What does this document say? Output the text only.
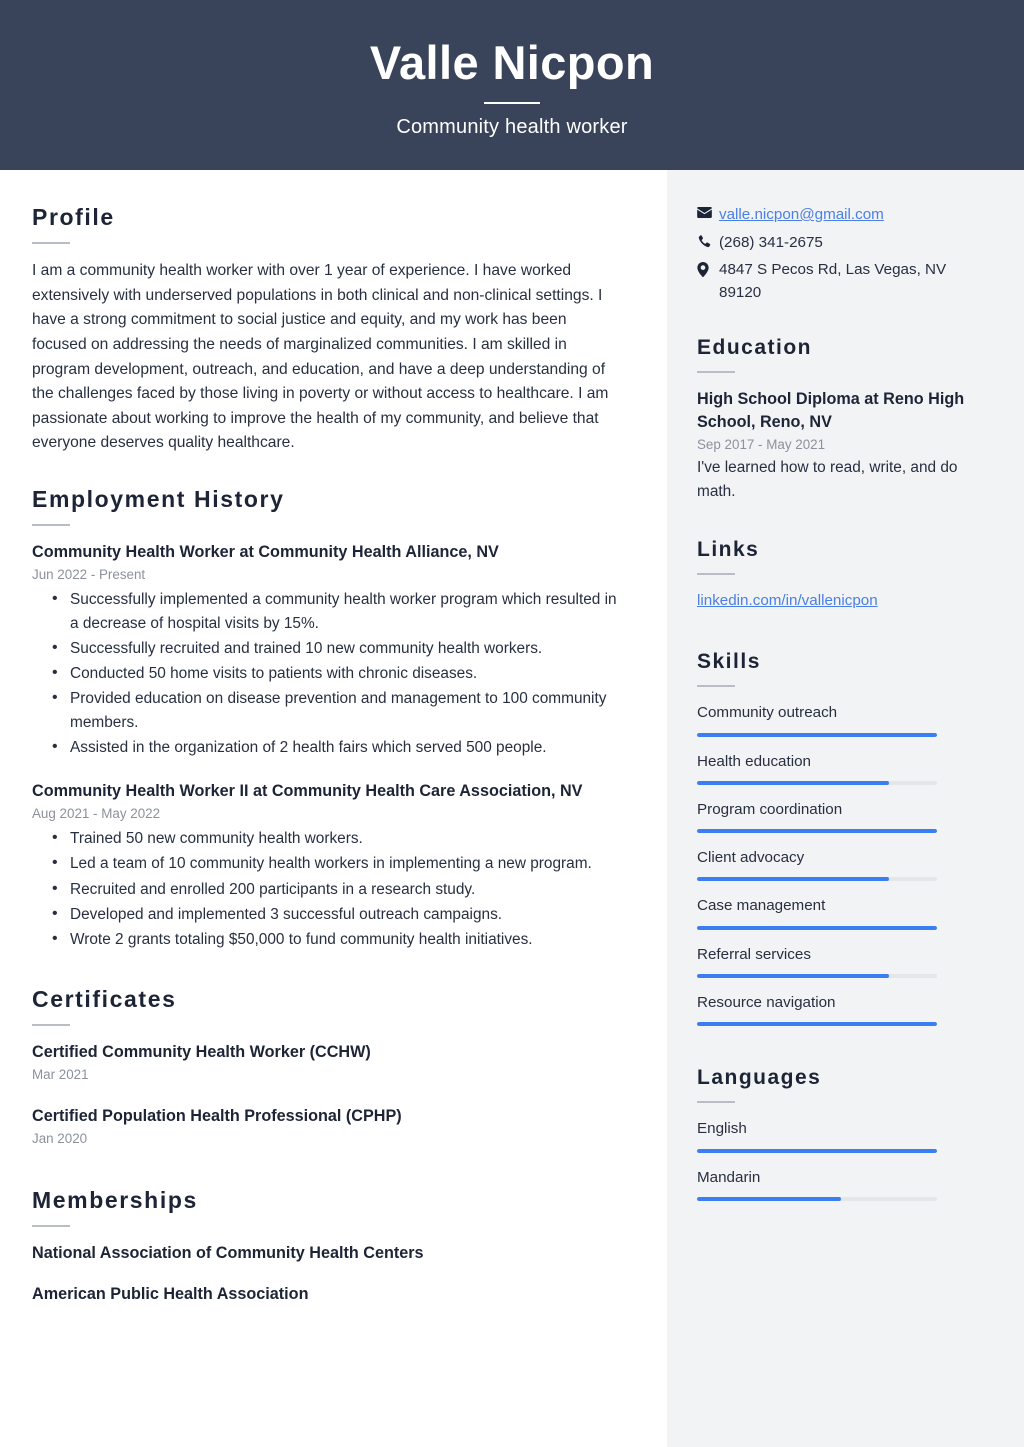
Valle Nicpon
Community health worker
Profile
I am a community health worker with over 1 year of experience. I have worked extensively with underserved populations in both clinical and non-clinical settings. I have a strong commitment to social justice and equity, and my work has been focused on addressing the needs of marginalized communities. I am skilled in program development, outreach, and education, and have a deep understanding of the challenges faced by those living in poverty or without access to healthcare. I am passionate about working to improve the health of my community, and believe that everyone deserves quality healthcare.
Employment History
Community Health Worker at Community Health Alliance, NV
Jun 2022 - Present
• Successfully implemented a community health worker program which resulted in a decrease of hospital visits by 15%.
• Successfully recruited and trained 10 new community health workers.
• Conducted 50 home visits to patients with chronic diseases.
• Provided education on disease prevention and management to 100 community members.
• Assisted in the organization of 2 health fairs which served 500 people.
Community Health Worker II at Community Health Care Association, NV
Aug 2021 - May 2022
• Trained 50 new community health workers.
• Led a team of 10 community health workers in implementing a new program.
• Recruited and enrolled 200 participants in a research study.
• Developed and implemented 3 successful outreach campaigns.
• Wrote 2 grants totaling $50,000 to fund community health initiatives.
Certificates
Certified Community Health Worker (CCHW)
Mar 2021
Certified Population Health Professional (CPHP)
Jan 2020
Memberships
National Association of Community Health Centers
American Public Health Association
valle.nicpon@gmail.com
(268) 341-2675
4847 S Pecos Rd, Las Vegas, NV 89120
Education
High School Diploma at Reno High School, Reno, NV
Sep 2017 - May 2021
I've learned how to read, write, and do math.
Links
linkedin.com/in/vallenicpon
Skills
Community outreach
Health education
Program coordination
Client advocacy
Case management
Referral services
Resource navigation
Languages
English
Mandarin
